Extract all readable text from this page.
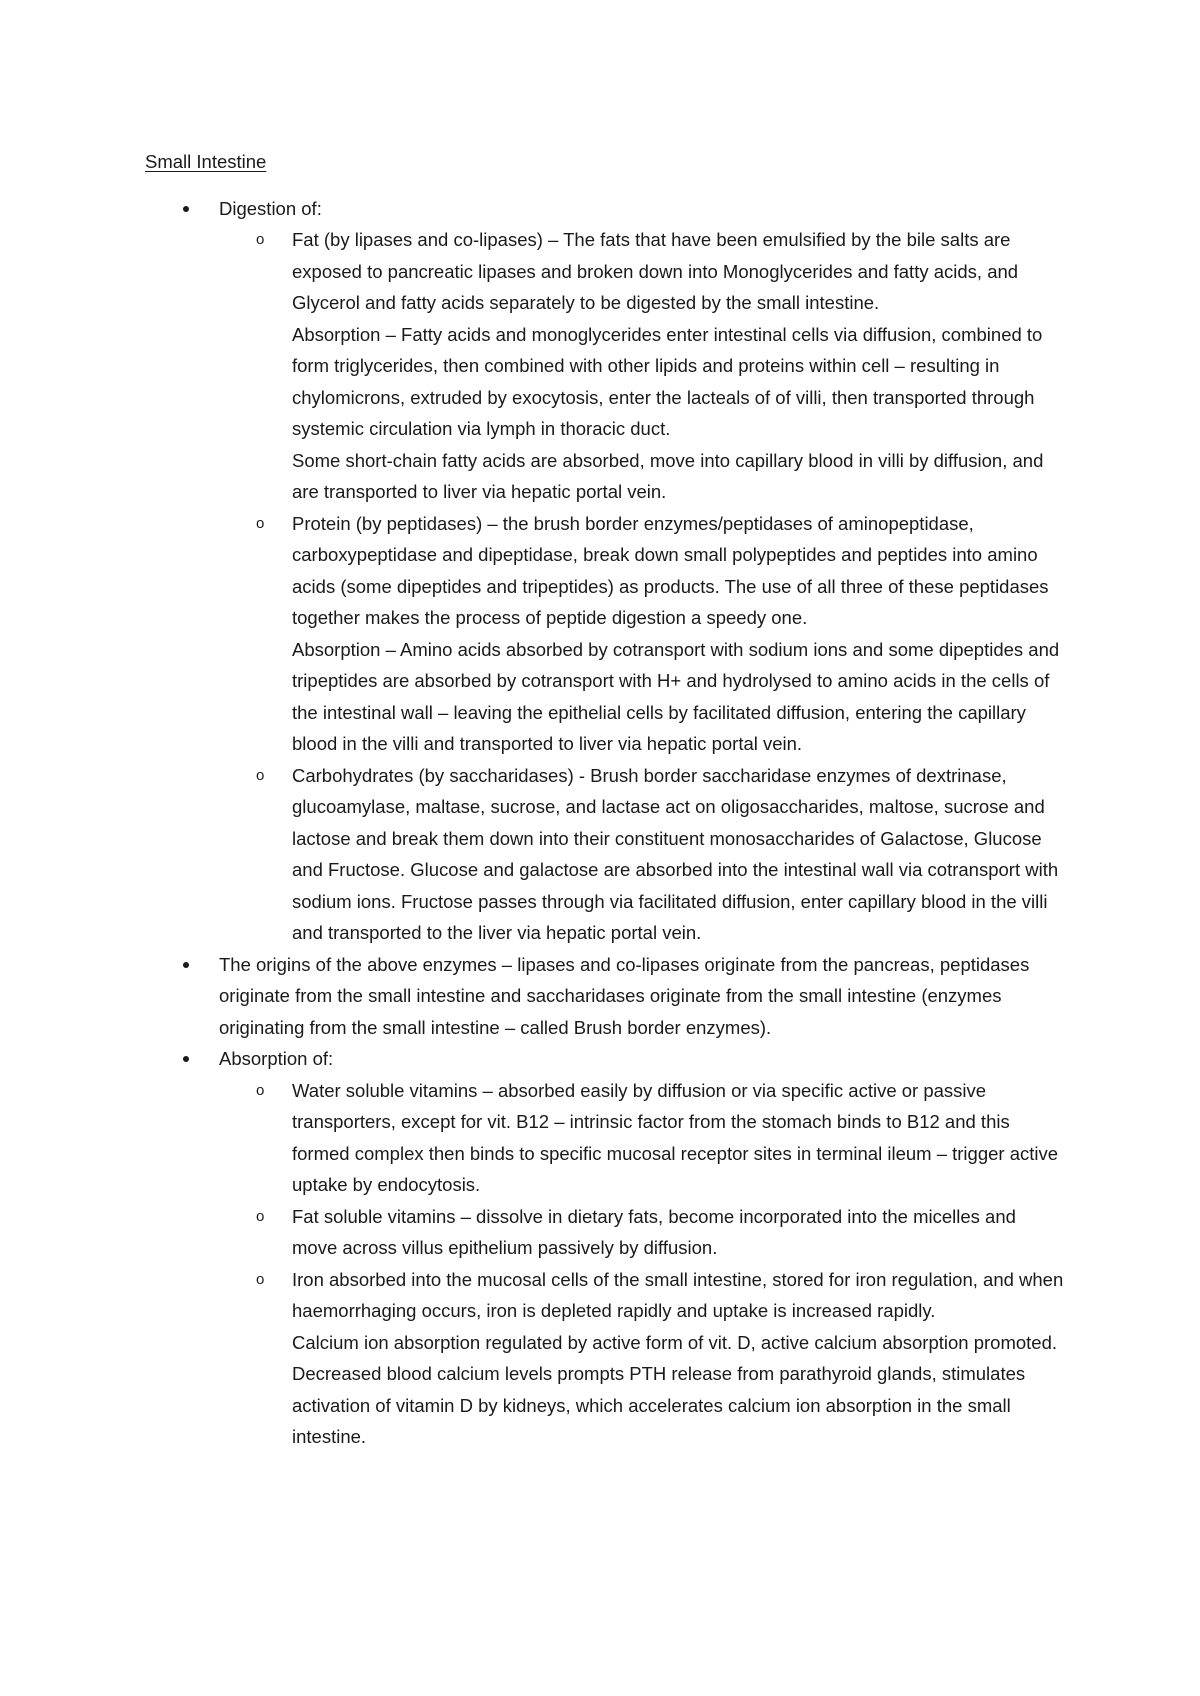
Small Intestine

Digestion of:

o Fat (by lipases and co-lipases) – The fats that have been emulsified by the bile salts are exposed to pancreatic lipases and broken down into Monoglycerides and fatty acids, and Glycerol and fatty acids separately to be digested by the small intestine.

Absorption – Fatty acids and monoglycerides enter intestinal cells via diffusion, combined to form triglycerides, then combined with other lipids and proteins within cell – resulting in chylomicrons, extruded by exocytosis, enter the lacteals of of villi, then transported through systemic circulation via lymph in thoracic duct.

Some short-chain fatty acids are absorbed, move into capillary blood in villi by diffusion, and are transported to liver via hepatic portal vein.

o Protein (by peptidases) – the brush border enzymes/peptidases of aminopeptidase, carboxypeptidase and dipeptidase, break down small polypeptides and peptides into amino acids (some dipeptides and tripeptides) as products. The use of all three of these peptidases together makes the process of peptide digestion a speedy one.

Absorption – Amino acids absorbed by cotransport with sodium ions and some dipeptides and tripeptides are absorbed by cotransport with H+ and hydrolysed to amino acids in the cells of the intestinal wall – leaving the epithelial cells by facilitated diffusion, entering the capillary blood in the villi and transported to liver via hepatic portal vein.

o Carbohydrates (by saccharidases) - Brush border saccharidase enzymes of dextrinase, glucoamylase, maltase, sucrose, and lactase act on oligosaccharides, maltose, sucrose and lactose and break them down into their constituent monosaccharides of Galactose, Glucose and Fructose. Glucose and galactose are absorbed into the intestinal wall via cotransport with sodium ions. Fructose passes through via facilitated diffusion, enter capillary blood in the villi and transported to the liver via hepatic portal vein.

The origins of the above enzymes – lipases and co-lipases originate from the pancreas, peptidases originate from the small intestine and saccharidases originate from the small intestine (enzymes originating from the small intestine – called Brush border enzymes).

Absorption of:

o Water soluble vitamins – absorbed easily by diffusion or via specific active or passive transporters, except for vit. B12 – intrinsic factor from the stomach binds to B12 and this formed complex then binds to specific mucosal receptor sites in terminal ileum – trigger active uptake by endocytosis.

o Fat soluble vitamins – dissolve in dietary fats, become incorporated into the micelles and move across villus epithelium passively by diffusion.

o Iron absorbed into the mucosal cells of the small intestine, stored for iron regulation, and when haemorrhaging occurs, iron is depleted rapidly and uptake is increased rapidly.

Calcium ion absorption regulated by active form of vit. D, active calcium absorption promoted. Decreased blood calcium levels prompts PTH release from parathyroid glands, stimulates activation of vitamin D by kidneys, which accelerates calcium ion absorption in the small intestine.
